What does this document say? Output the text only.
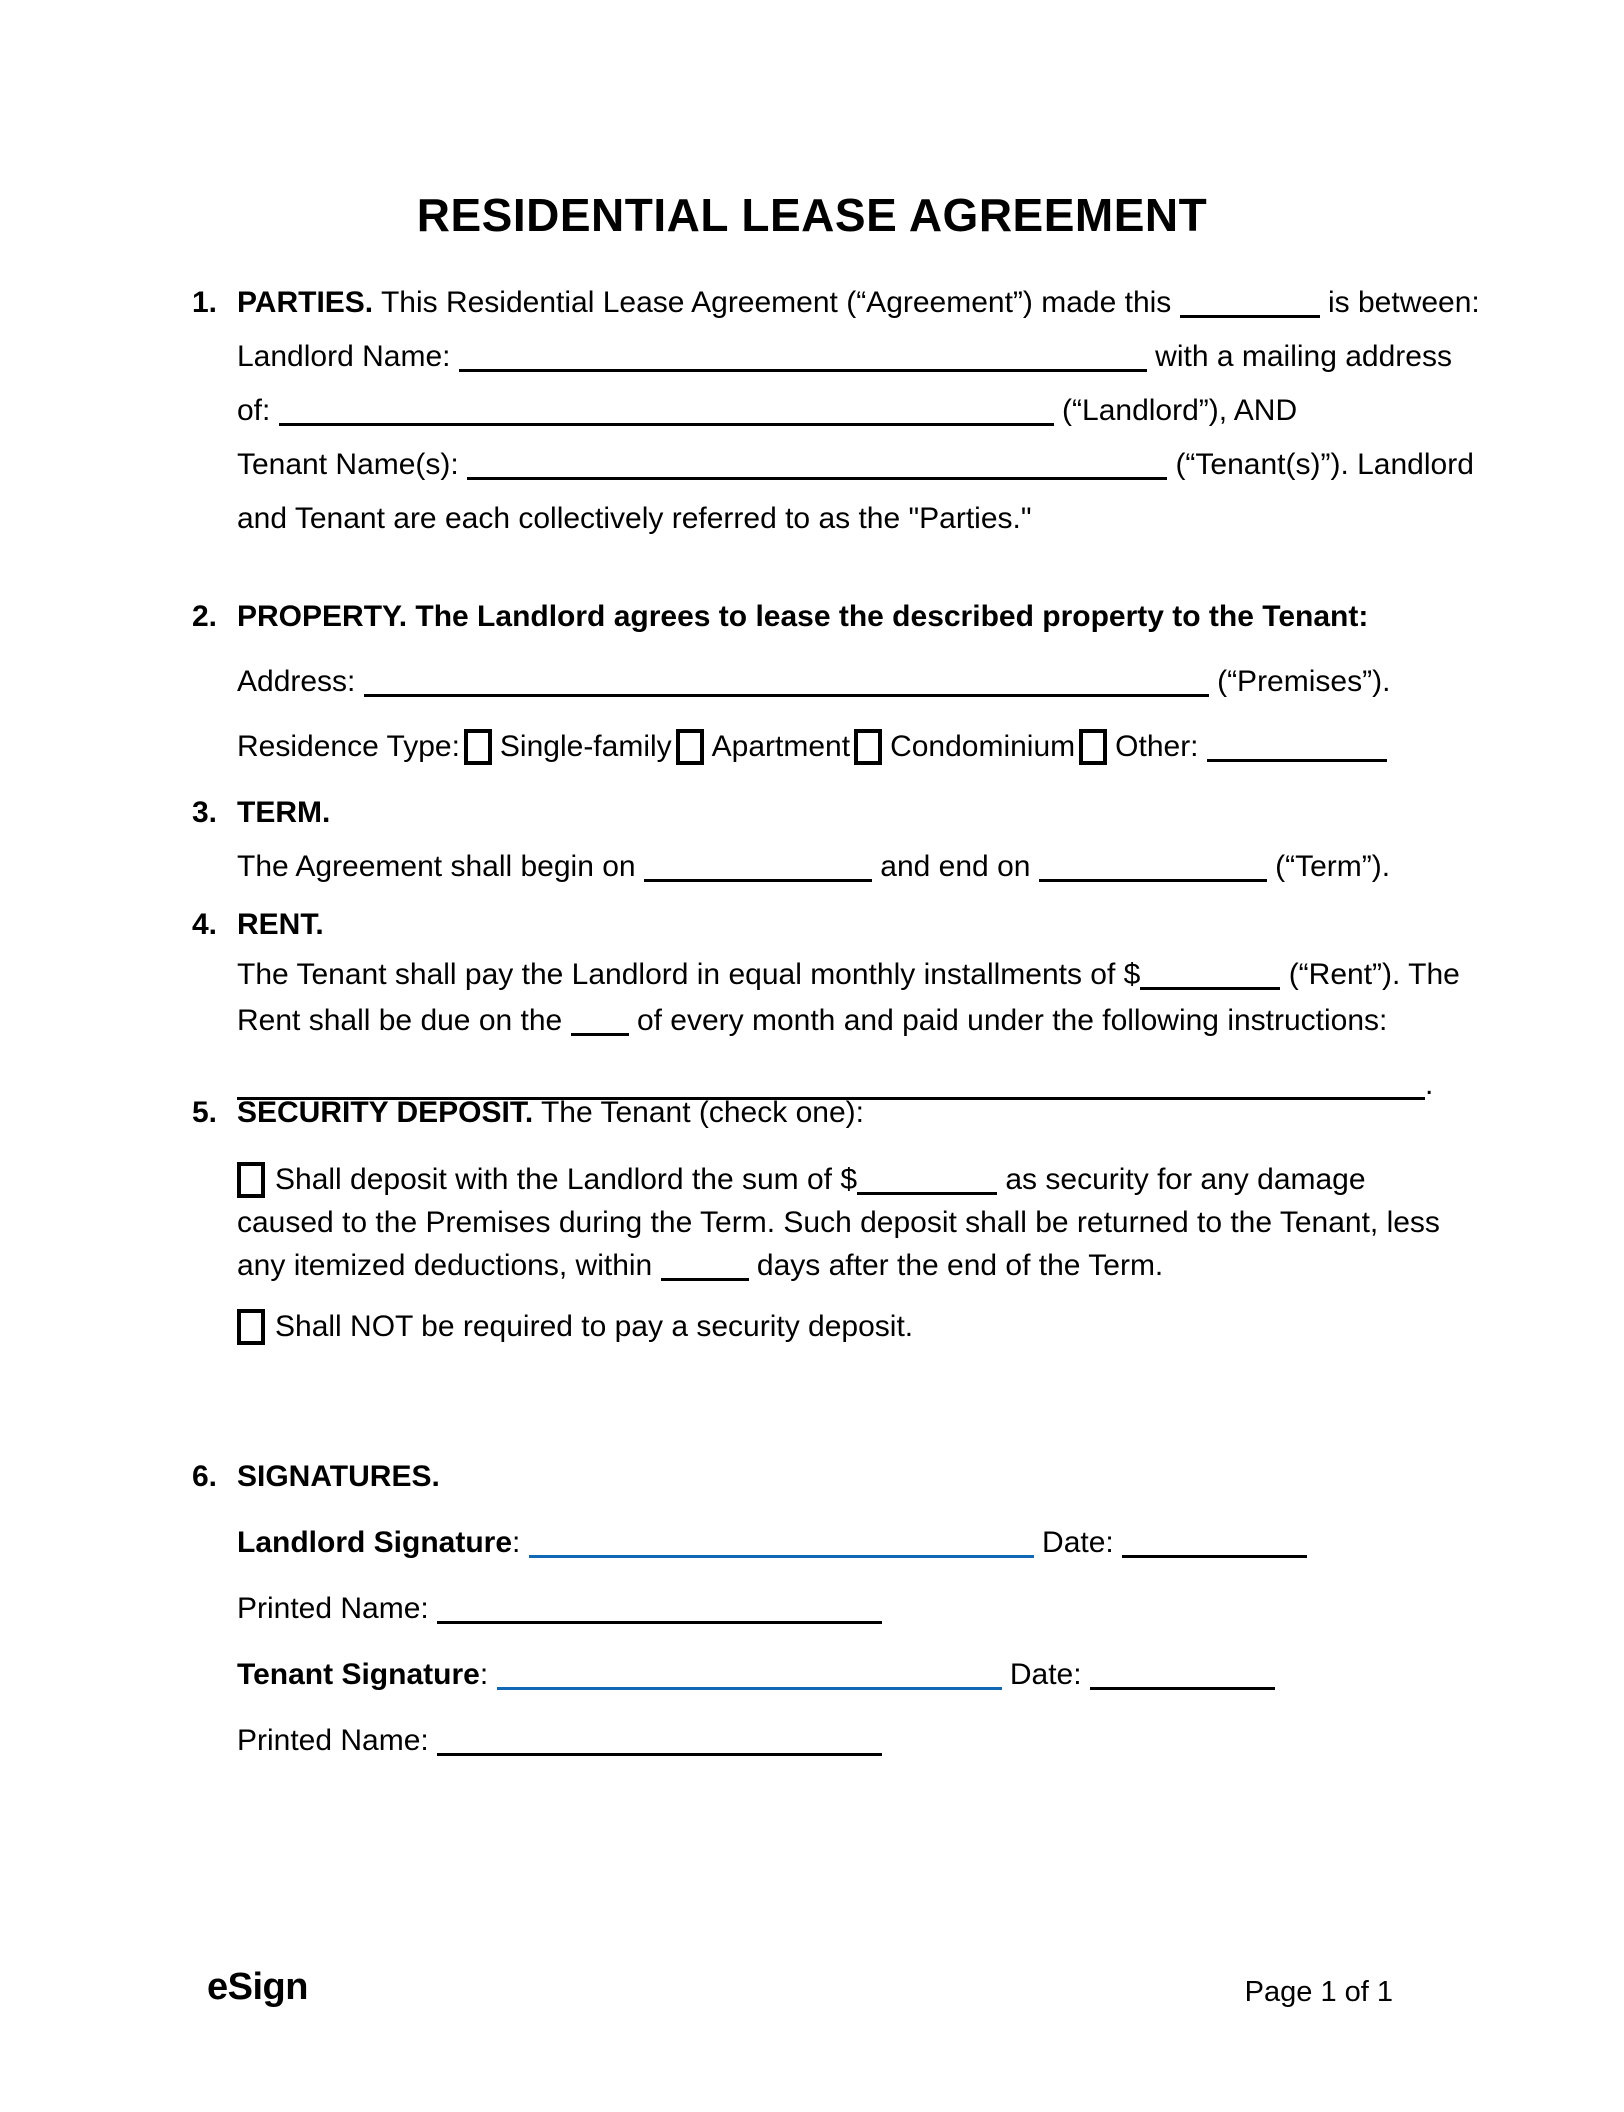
RESIDENTIAL LEASE AGREEMENT
1. PARTIES. This Residential Lease Agreement (“Agreement”) made this	is between:
Landlord Name:	with a mailing address
of:	(“Landlord”), AND
Tenant Name(s):	(“Tenant(s)”). Landlord
and Tenant are each collectively referred to as the "Parties."
2. PROPERTY. The Landlord agrees to lease the described property to the Tenant:
Address:	(“Premises”).
Residence Type: Single-family Apartment Condominium Other:
3. TERM.
The Agreement shall begin on	and end on	(“Term”).
4. RENT.
The Tenant shall pay the Landlord in equal monthly installments of $	(“Rent”). The
Rent shall be due on the of every month and paid under the following instructions:
.
5. SECURITY DEPOSIT. The Tenant (check one):
Shall deposit with the Landlord the sum of $	as security for any damage caused to the Premises during the Term. Such deposit shall be returned to the Tenant, less any itemized deductions, within	days after the end of the Term.
Shall NOT be required to pay a security deposit.
6. SIGNATURES.
Landlord Signature:	Date:
Printed Name:
Tenant Signature:	Date:
Printed Name:
eSign	Page 1 of 1
